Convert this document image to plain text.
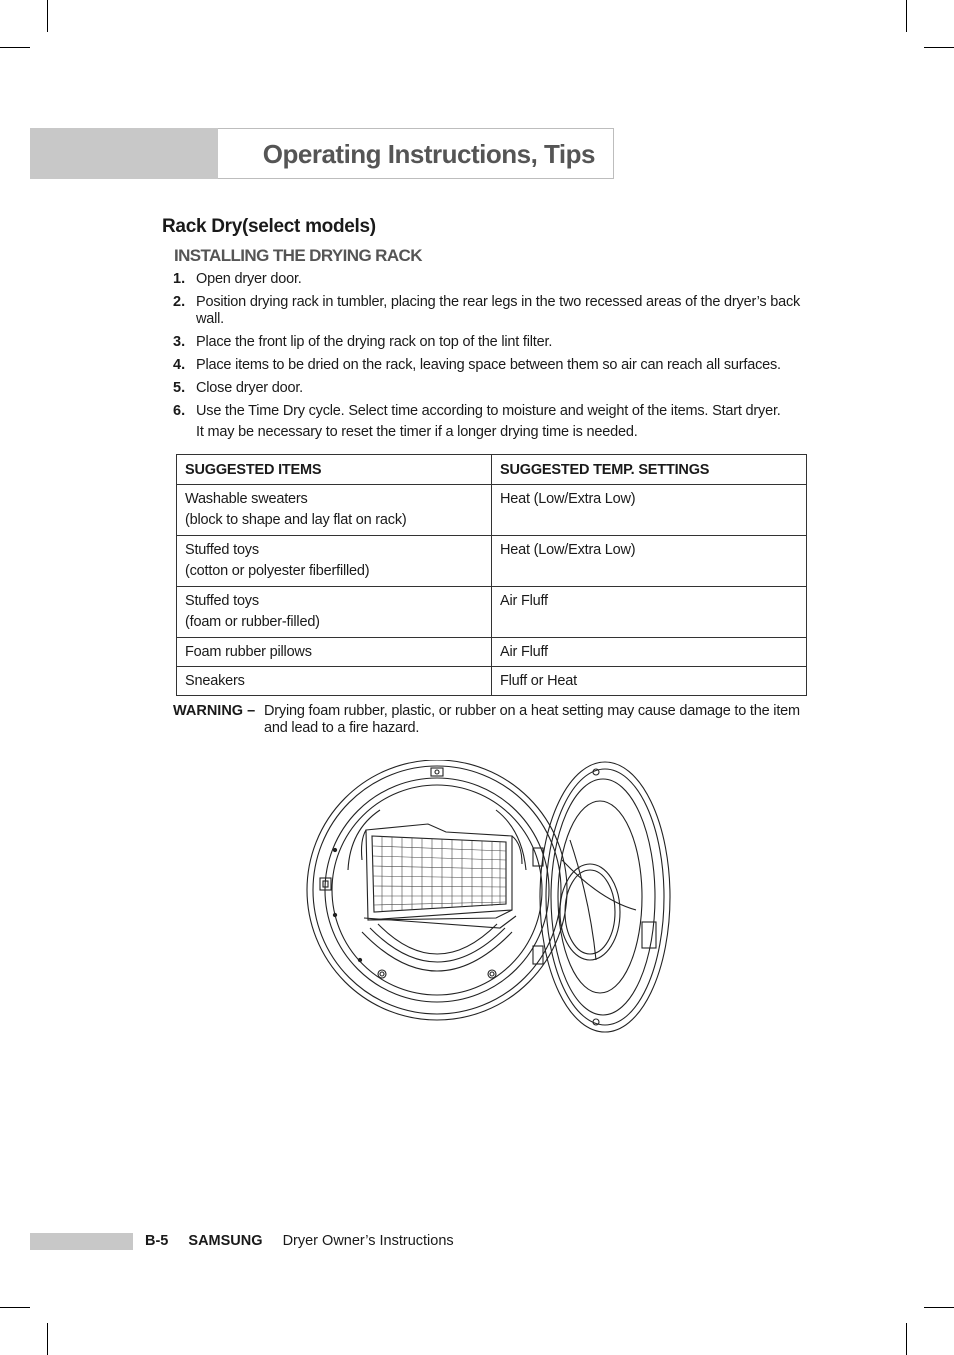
Operating Instructions, Tips
Rack Dry(select models)
INSTALLING THE DRYING RACK
1. Open dryer door.
2. Position drying rack in tumbler, placing the rear legs in the two recessed areas of the dryer’s back wall.
3. Place the front lip of the drying rack on top of the lint filter.
4. Place items to be dried on the rack, leaving space between them so air can reach all surfaces.
5. Close dryer door.
6. Use the Time Dry cycle. Select time according to moisture and weight of the items. Start dryer.
It may be necessary to reset the timer if a longer drying time is needed.
SUGGESTED ITEMS	SUGGESTED TEMP. SETTINGS
Washable sweaters
(block to shape and lay flat on rack)	Heat (Low/Extra Low)
Stuffed toys
(cotton or polyester fiberfilled)	Heat (Low/Extra Low)
Stuffed toys
(foam or rubber-filled)	Air Fluff
Foam rubber pillows	Air Fluff
Sneakers	Fluff or Heat
WARNING – Drying foam rubber, plastic, or rubber on a heat setting may cause damage to the item and lead to a fire hazard.
B-5 SAMSUNG Dryer Owner’s Instructions
